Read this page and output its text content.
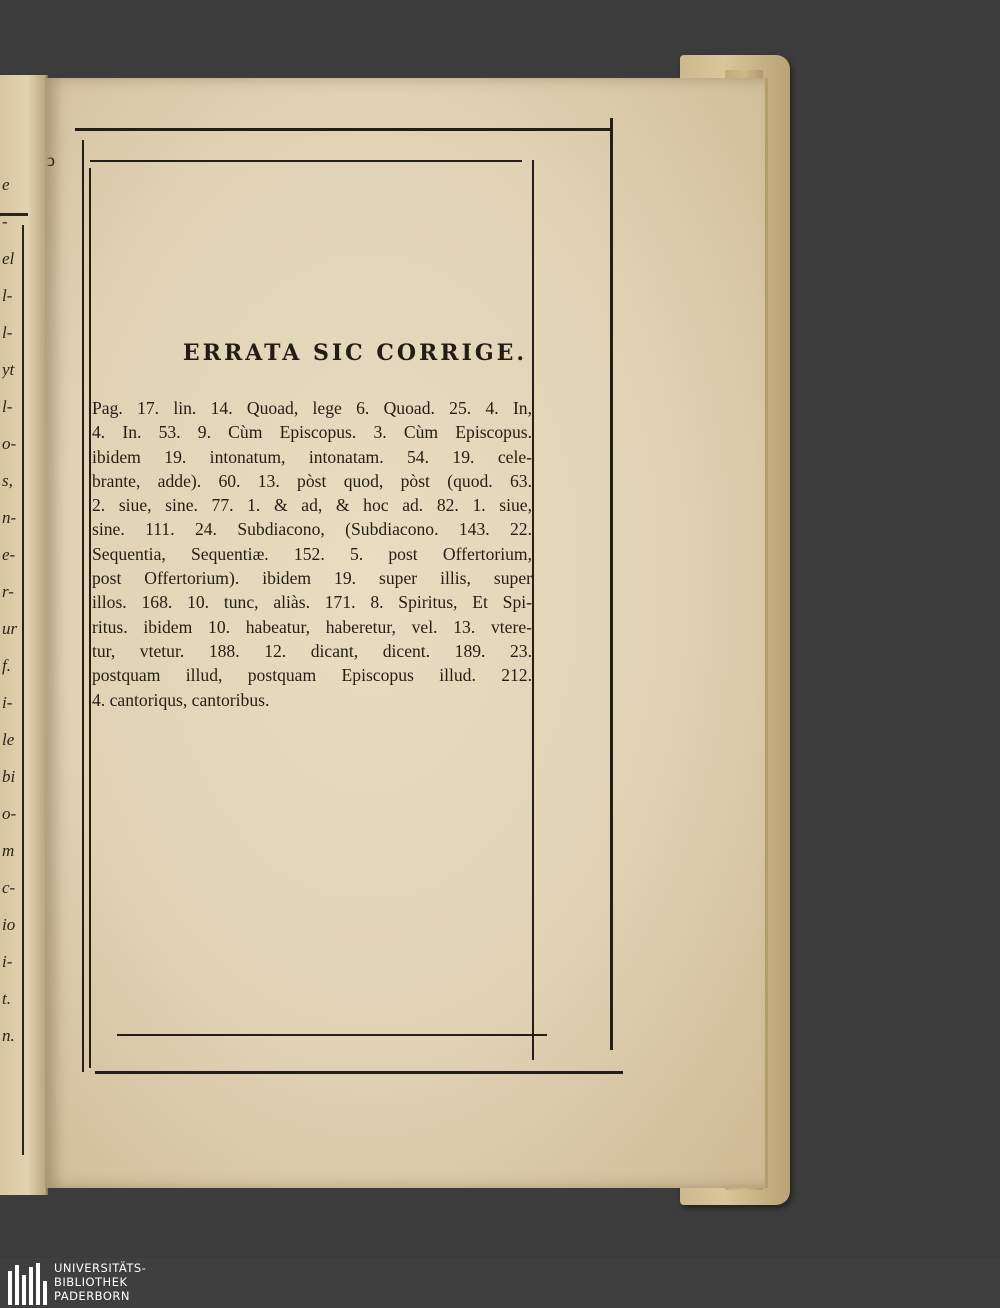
e
-
el
l-
l-
yt
l-
o-
s,
n-
e-
r-
ur
f.
i-
le
bi
o-
m
c-
io
i-
t.
n.
ↄ
ERRATA SIC CORRIGE.
Pag. 17. lin. 14. Quoad, lege 6. Quoad. 25. 4. In,
4. In. 53. 9. Cùm Episcopus. 3. Cùm Episcopus.
ibidem 19. intonatum, intonatam. 54. 19. cele-
brante, adde). 60. 13. pòst quod, pòst (quod. 63.
2. siue, sine. 77. 1. & ad, & hoc ad. 82. 1. siue,
sine. 111. 24. Subdiacono, (Subdiacono. 143. 22.
Sequentia, Sequentiæ. 152. 5. post Offertorium,
post Offertorium). ibidem 19. super illis, super
illos. 168. 10. tunc, aliàs. 171. 8. Spiritus, Et Spi-
ritus. ibidem 10. habeatur, haberetur, vel. 13. vtere-
tur, vtetur. 188. 12. dicant, dicent. 189. 23.
postquam illud, postquam Episcopus illud. 212.
4. cantoriqus, cantoribus.
UNIVERSITÄTS-
BIBLIOTHEK
PADERBORN
